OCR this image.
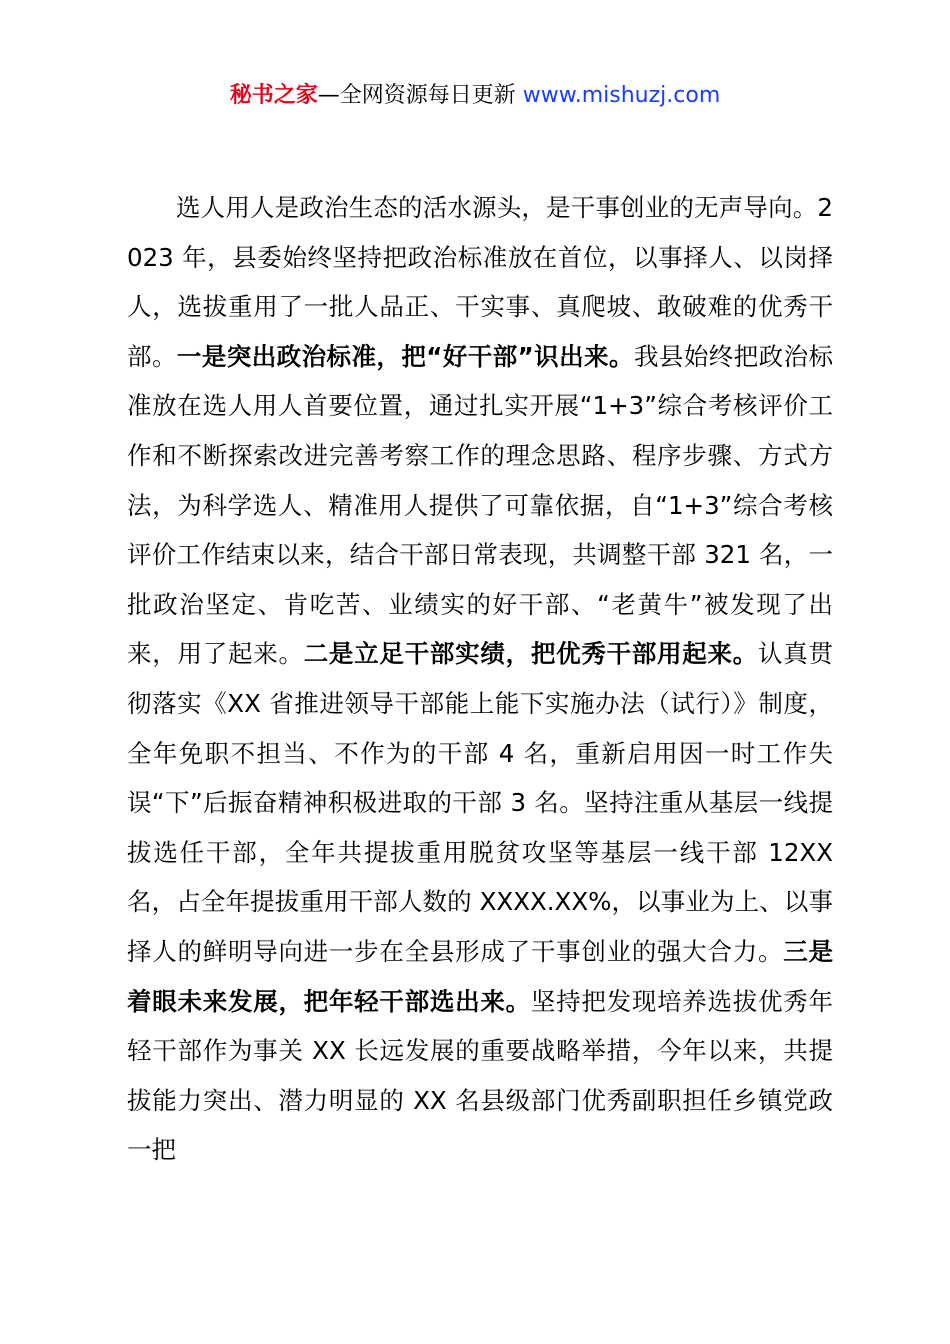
秘书之家—全网资源每日更新 www.mishuzj.com
选人用人是政治生态的活水源头，是干事创业的无声导向。2023 年，县委始终坚持把政治标准放在首位，以事择人、以岗择人，选拔重用了一批人品正、干实事、真爬坡、敢破难的优秀干部。一是突出政治标准，把“好干部”识出来。我县始终把政治标准放在选人用人首要位置，通过扎实开展“1+3”综合考核评价工作和不断探索改进完善考察工作的理念思路、程序步骤、方式方法，为科学选人、精准用人提供了可靠依据，自“1+3”综合考核评价工作结束以来，结合干部日常表现，共调整干部 321 名，一批政治坚定、肯吃苦、业绩实的好干部、“老黄牛”被发现了出来，用了起来。二是立足干部实绩，把优秀干部用起来。认真贯彻落实《XX 省推进领导干部能上能下实施办法（试行）》制度，全年免职不担当、不作为的干部 4 名，重新启用因一时工作失误“下”后振奋精神积极进取的干部 3 名。坚持注重从基层一线提拔选任干部，全年共提拔重用脱贫攻坚等基层一线干部 12XX 名，占全年提拔重用干部人数的 XXXX.XX%，以事业为上、以事择人的鲜明导向进一步在全县形成了干事创业的强大合力。三是着眼未来发展，把年轻干部选出来。坚持把发现培养选拔优秀年轻干部作为事关 XX 长远发展的重要战略举措，今年以来，共提拔能力突出、潜力明显的 XX 名县级部门优秀副职担任乡镇党政一把
